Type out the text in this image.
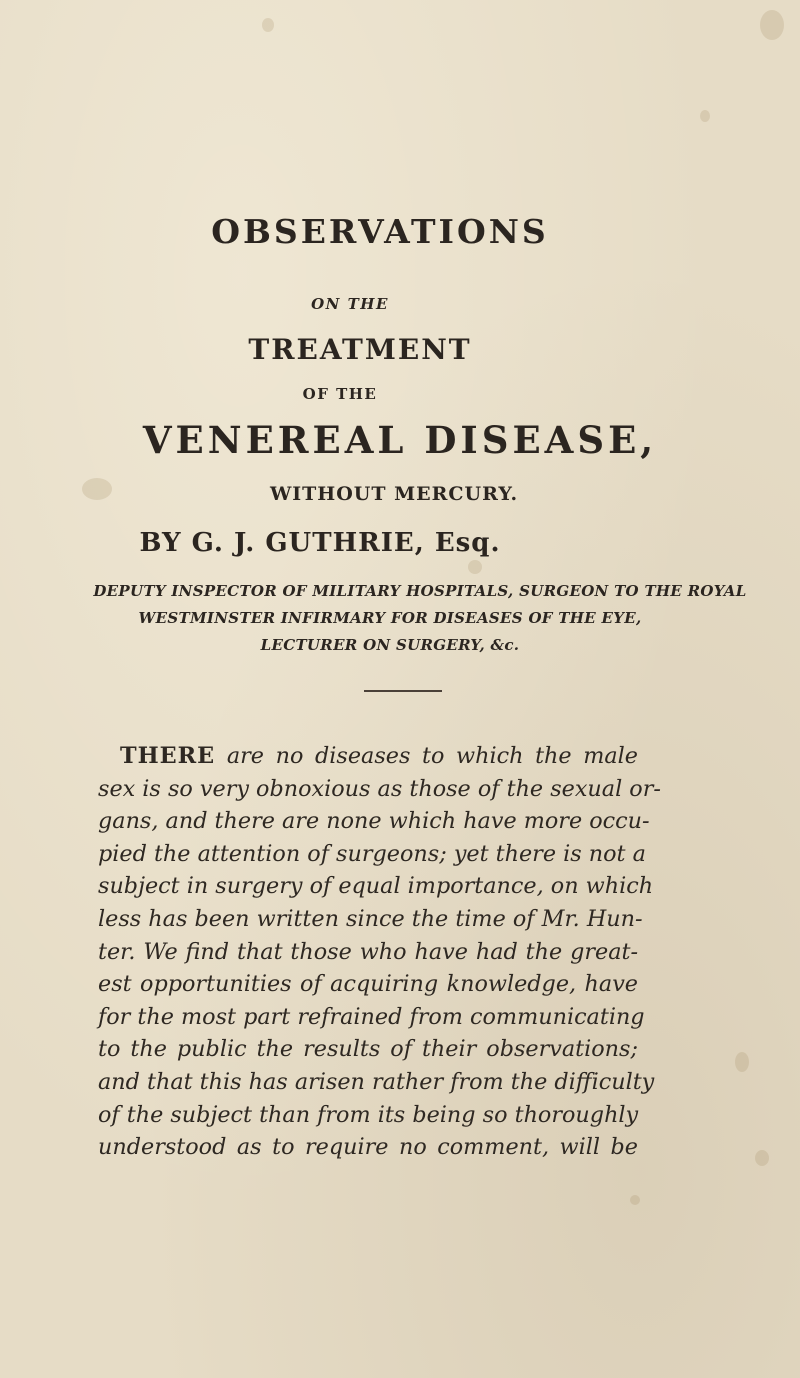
OBSERVATIONS
ON THE
TREATMENT
OF THE
VENEREAL DISEASE,
WITHOUT MERCURY.
BY G. J. GUTHRIE, Esq.
DEPUTY INSPECTOR OF MILITARY HOSPITALS, SURGEON TO THE ROYAL
WESTMINSTER INFIRMARY FOR DISEASES OF THE EYE,
LECTURER ON SURGERY, &c.
THERE are no diseases to which the male
sex is so very obnoxious as those of the sexual or-
gans, and there are none which have more occu-
pied the attention of surgeons; yet there is not a
subject in surgery of equal importance, on which
less has been written since the time of Mr. Hun-
ter. We find that those who have had the great-
est opportunities of acquiring knowledge, have
for the most part refrained from communicating
to the public the results of their observations;
and that this has arisen rather from the difficulty
of the subject than from its being so thoroughly
understood as to require no comment, will be
